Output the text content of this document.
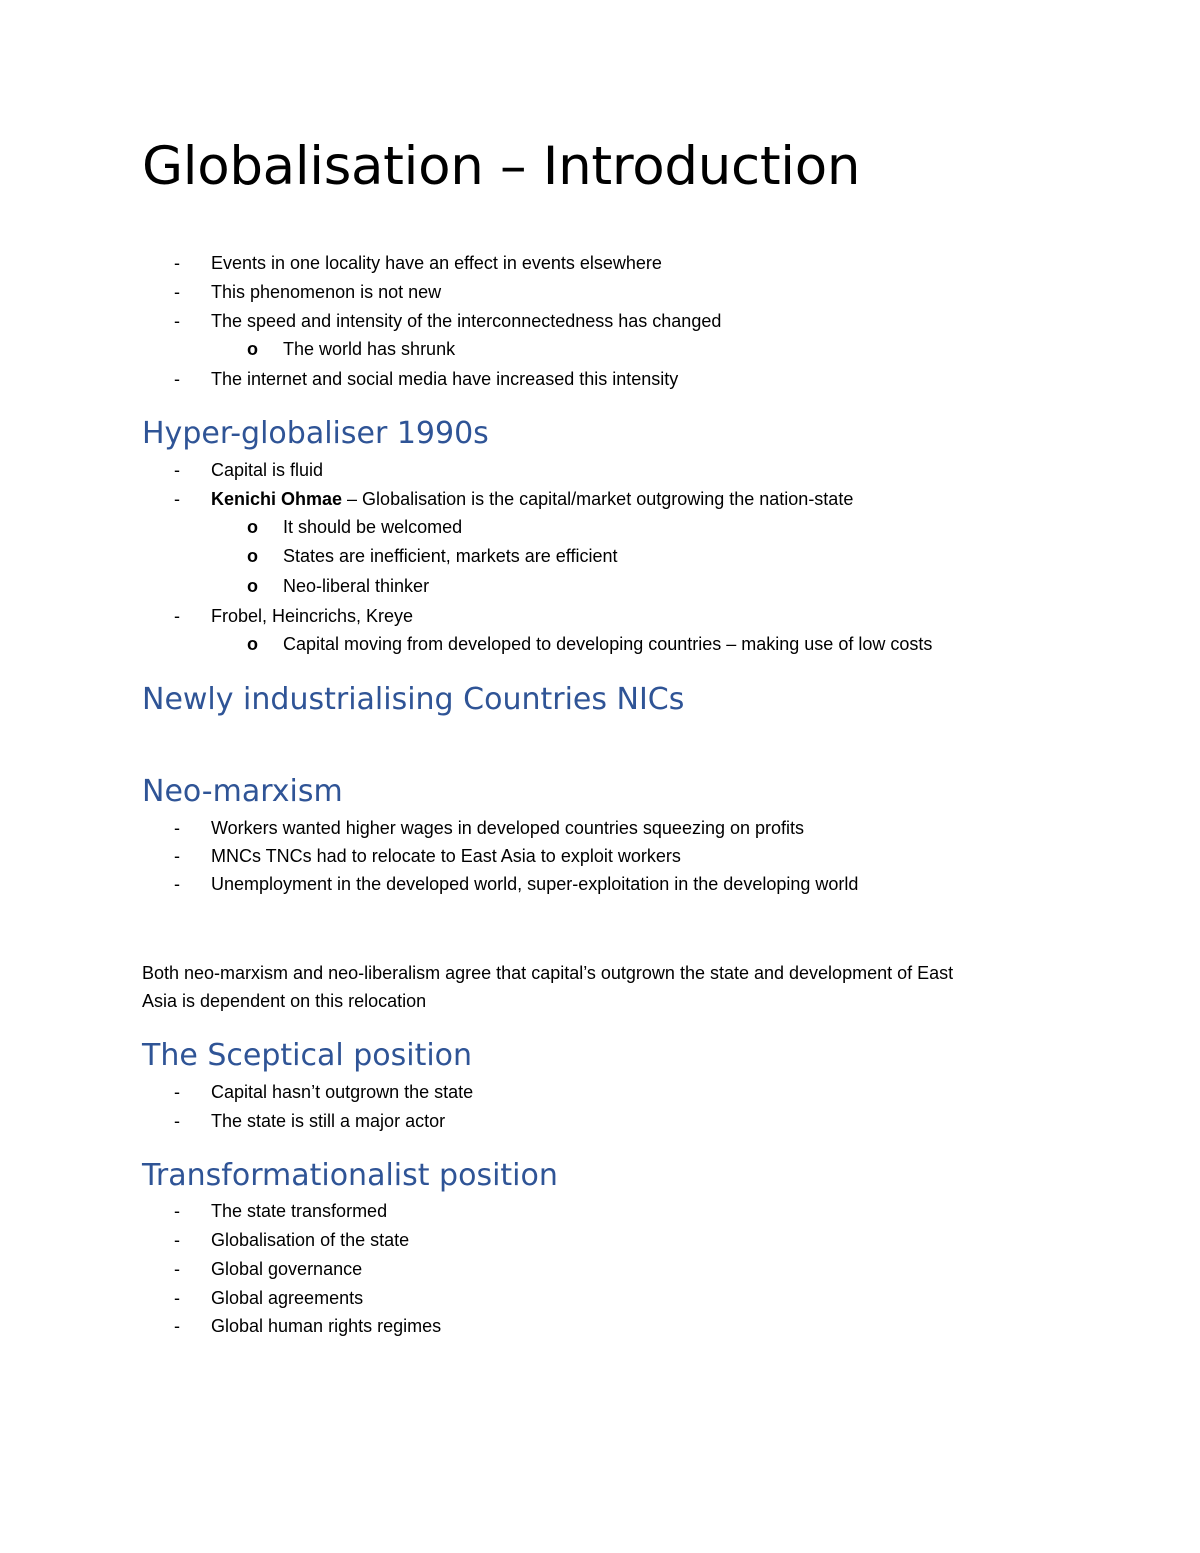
Globalisation – Introduction
- Events in one locality have an effect in events elsewhere
- This phenomenon is not new
- The speed and intensity of the interconnectedness has changed
o The world has shrunk
- The internet and social media have increased this intensity
Hyper-globaliser 1990s
- Capital is fluid
- Kenichi Ohmae – Globalisation is the capital/market outgrowing the nation-state
o It should be welcomed
o States are inefficient, markets are efficient
o Neo-liberal thinker
- Frobel, Heincrichs, Kreye
o Capital moving from developed to developing countries – making use of low costs
Newly industrialising Countries NICs
Neo-marxism
- Workers wanted higher wages in developed countries squeezing on profits
- MNCs TNCs had to relocate to East Asia to exploit workers
- Unemployment in the developed world, super-exploitation in the developing world
Both neo-marxism and neo-liberalism agree that capital’s outgrown the state and development of East
Asia is dependent on this relocation
The Sceptical position
- Capital hasn’t outgrown the state
- The state is still a major actor
Transformationalist position
- The state transformed
- Globalisation of the state
- Global governance
- Global agreements
- Global human rights regimes
